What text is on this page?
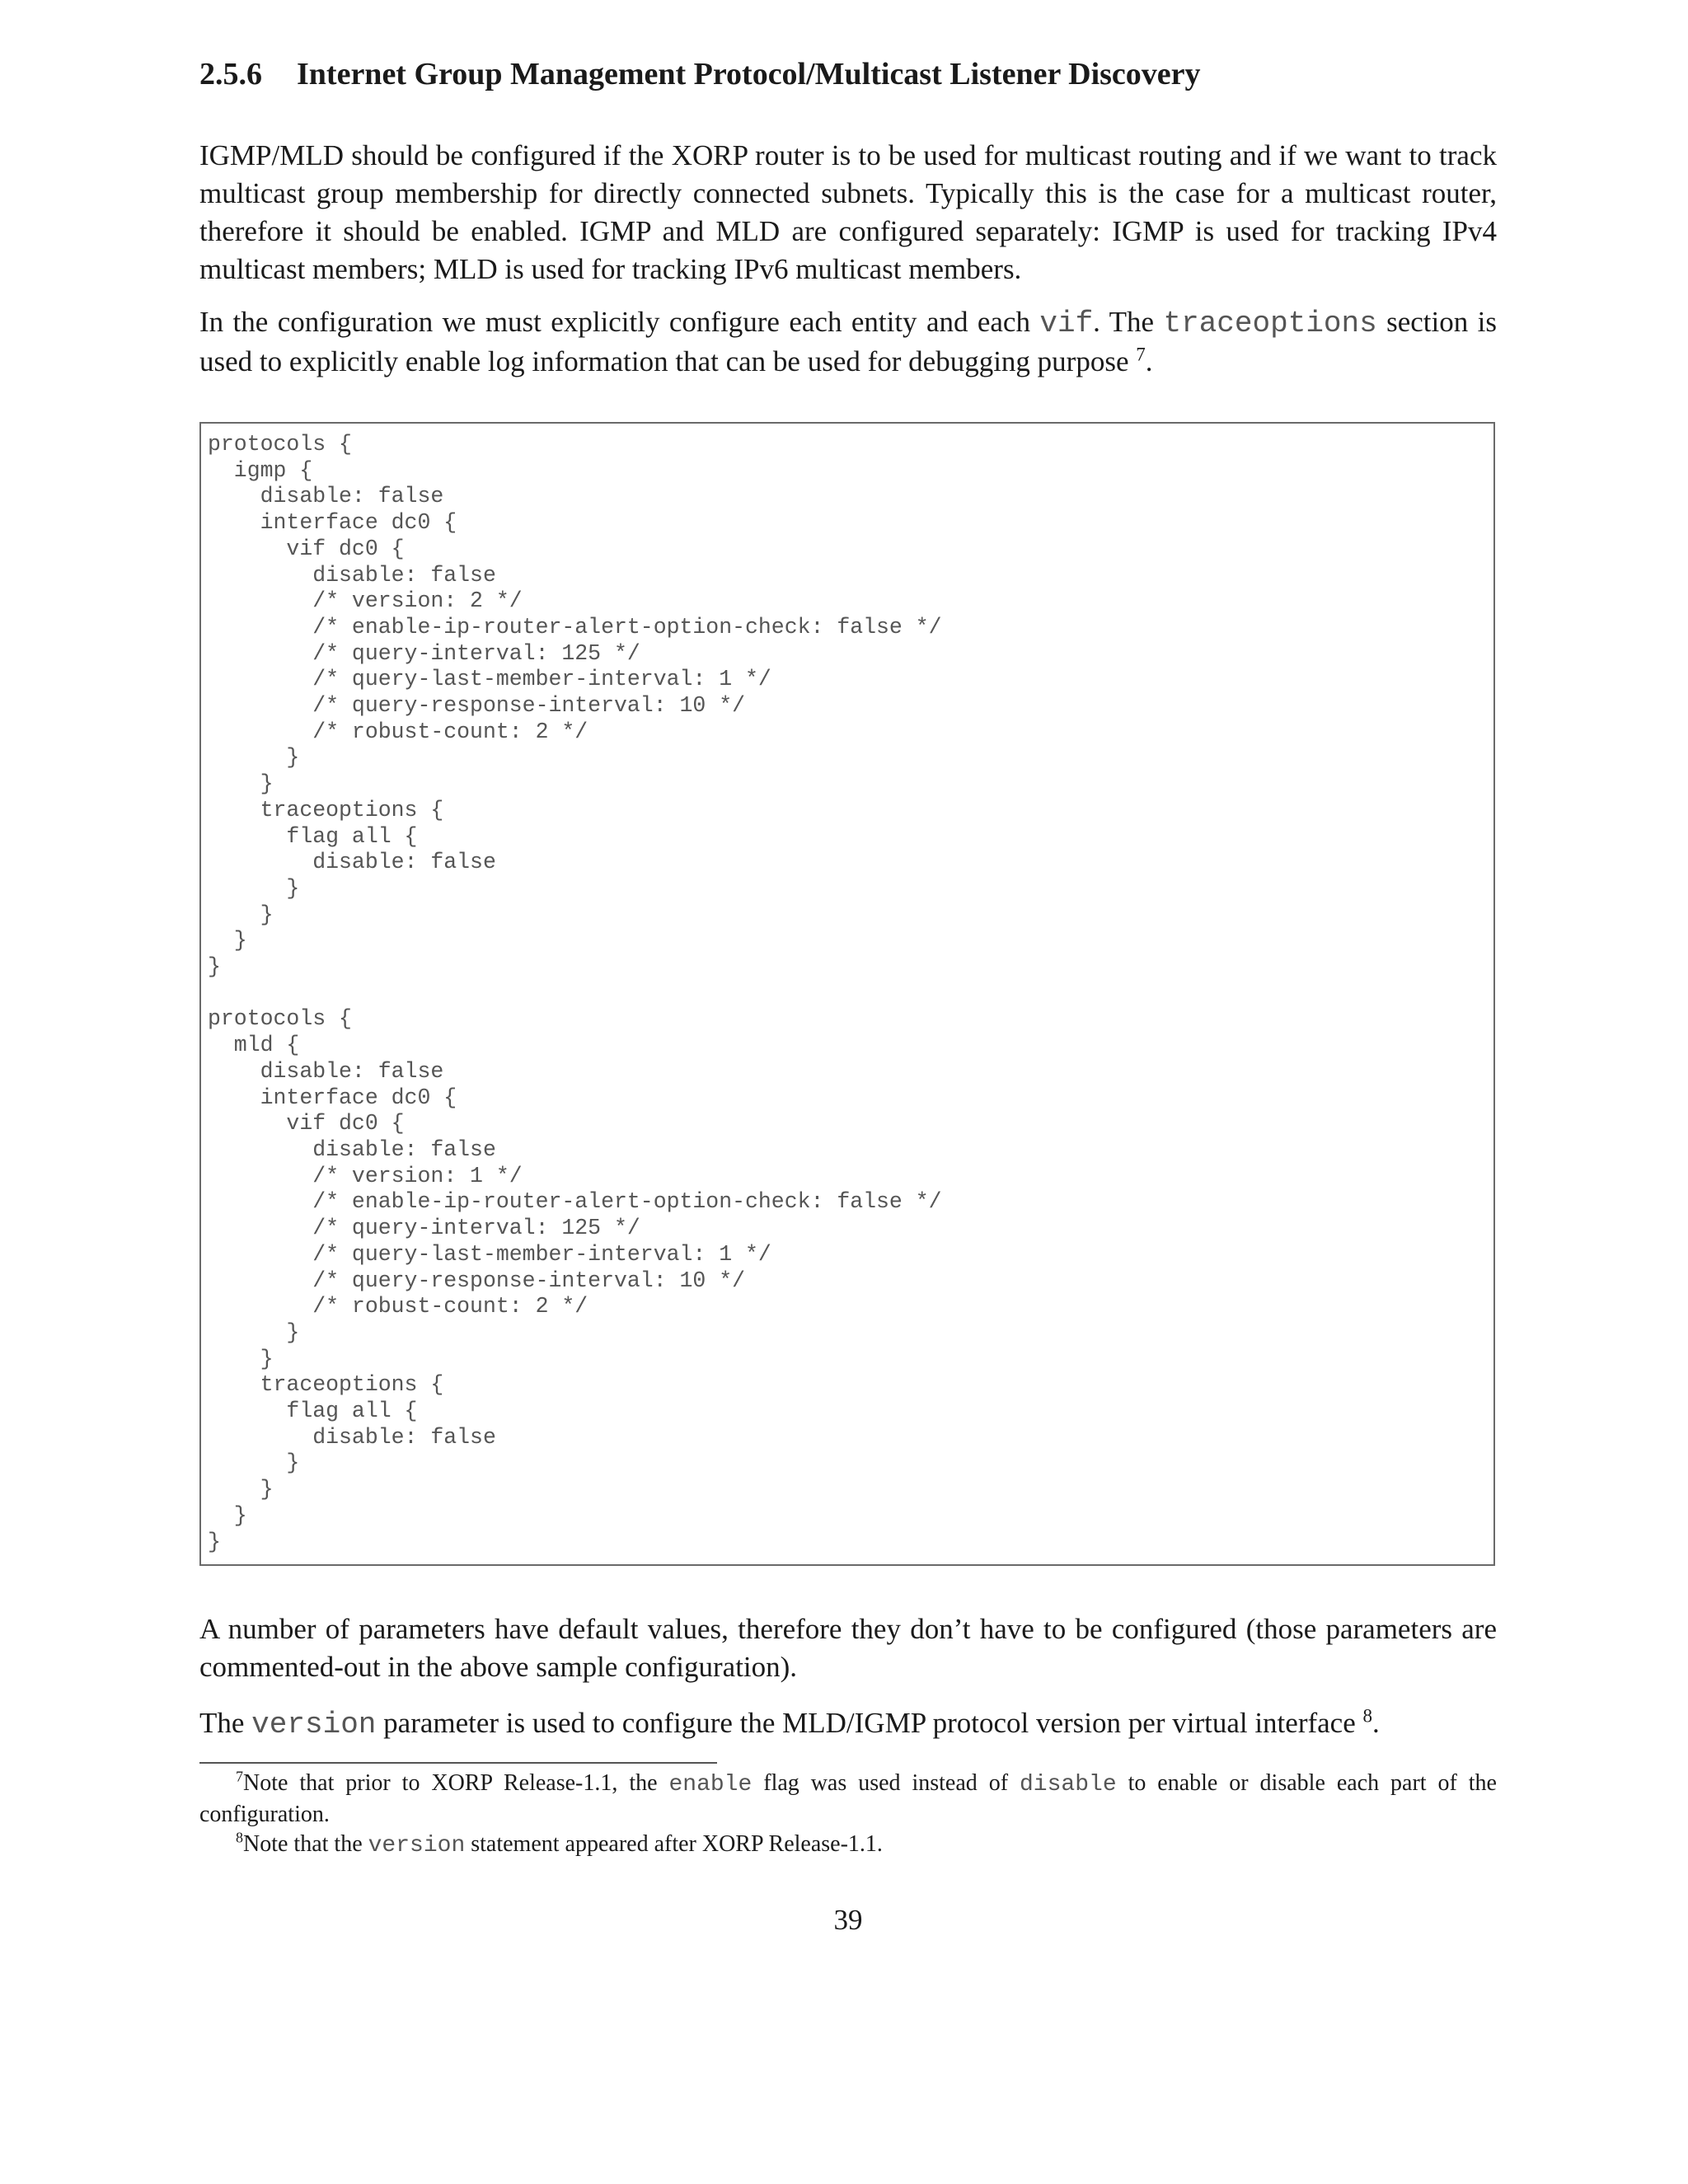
2.5.6 Internet Group Management Protocol/Multicast Listener Discovery

IGMP/MLD should be configured if the XORP router is to be used for multicast routing and if we want to track multicast group membership for directly connected subnets. Typically this is the case for a multicast router, therefore it should be enabled. IGMP and MLD are configured separately: IGMP is used for tracking IPv4 multicast members; MLD is used for tracking IPv6 multicast members.

In the configuration we must explicitly configure each entity and each vif. The traceoptions section is used to explicitly enable log information that can be used for debugging purpose $^7$.

protocols {
igmp {
disable: false
interface dc0 {
vif dc0 {
disable: false
/* version: 2 */
/* enable-ip-router-alert-option-check: false */
/* query-interval: 125 */
/* query-last-member-interval: 1 */
/* query-response-interval: 10 */
/* robust-count: 2 */
}
}
traceoptions {
flag all {
disable: false
}
}
}
}

protocols {
mld {
disable: false
interface dc0 {
vif dc0 {
disable: false
/* version: 1 */
/* enable-ip-router-alert-option-check: false */
/* query-interval: 125 */
/* query-last-member-interval: 1 */
/* query-response-interval: 10 */
/* robust-count: 2 */
}
}
traceoptions {
flag all {
disable: false
}
}
}
}

A number of parameters have default values, therefore they don’t have to be configured (those parameters are commented-out in the above sample configuration).

The version parameter is used to configure the MLD/IGMP protocol version per virtual interface $^8$.

$^7$Note that prior to XORP Release-1.1, the enable flag was used instead of disable to enable or disable each part of the configuration.

$^8$Note that the version statement appeared after XORP Release-1.1.

39
